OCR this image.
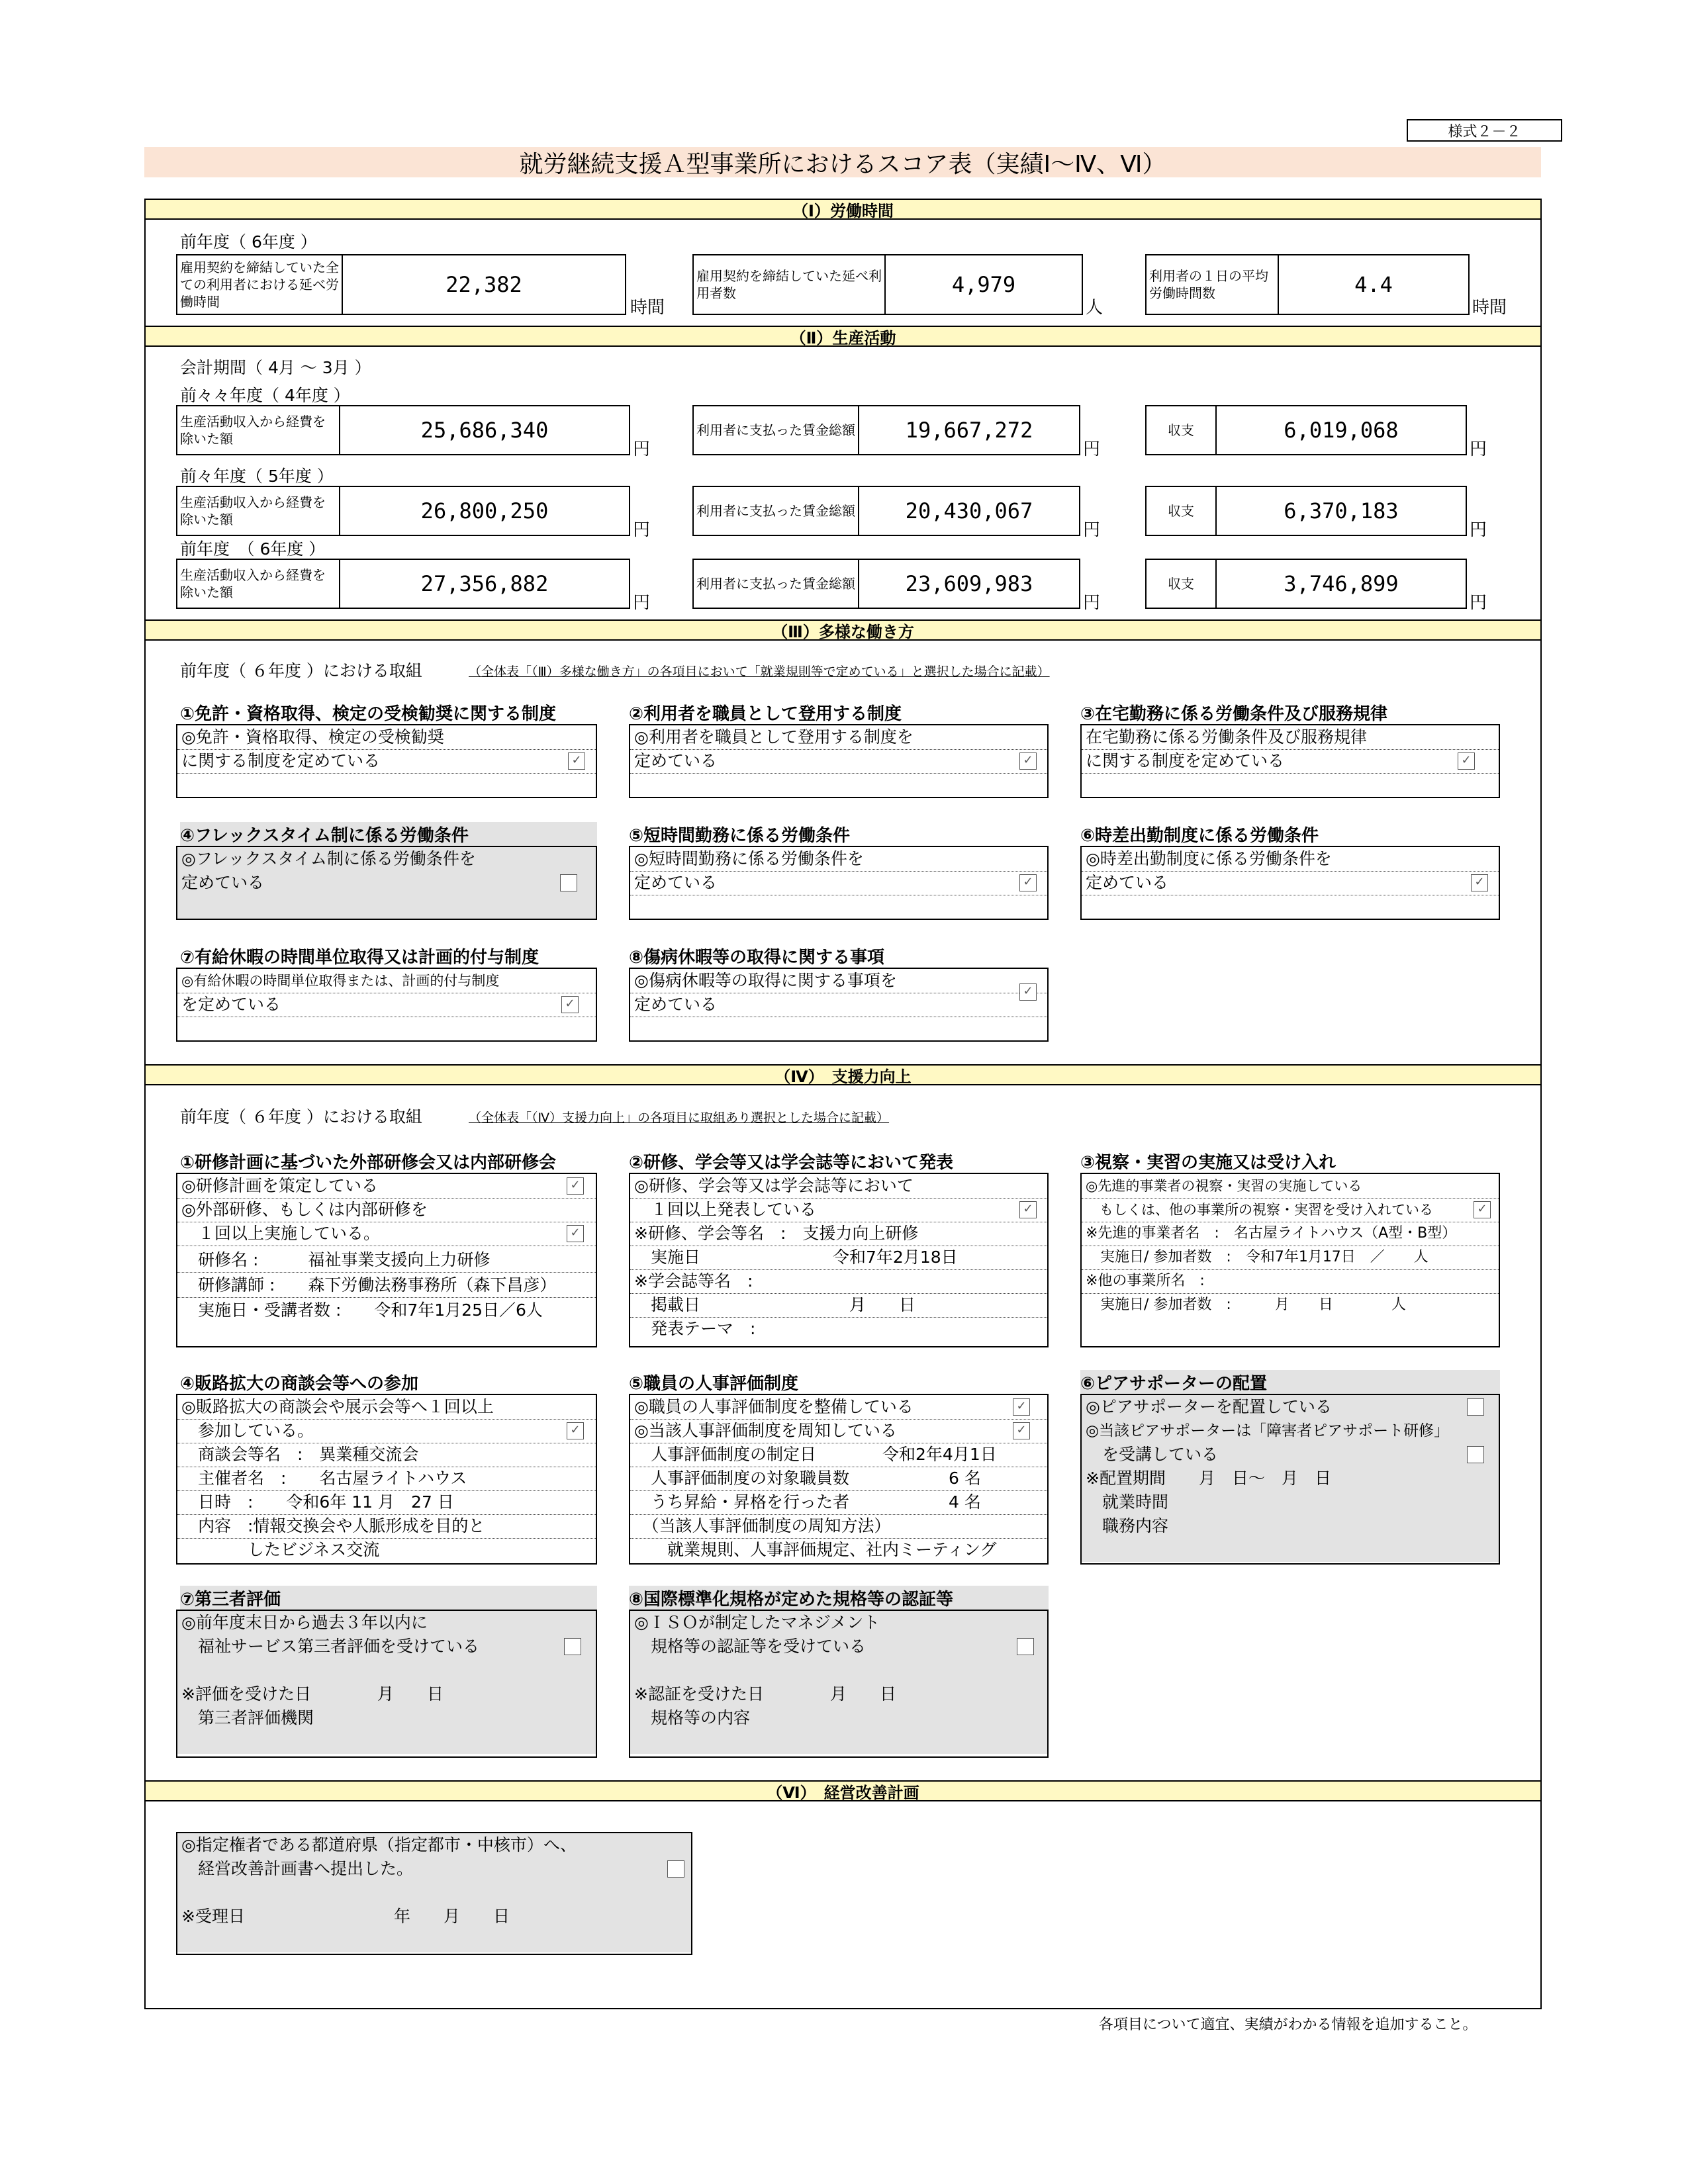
様式２－２
就労継続支援Ａ型事業所におけるスコア表（実績Ⅰ～Ⅳ、Ⅵ）
（Ⅰ）労働時間
前年度（ 6年度 ）
雇用契約を締結していた全ての利用者における延べ労働時間
22,382
時間
雇用契約を締結していた延べ利用者数	4,979
人
利用者の１日の平均労働時間数	4.4
時間
（Ⅱ）生産活動
会計期間（ 4月 ～ 3月 ）
前々々年度（ 4年度 ）
生産活動収入から経費を除いた額	25,686,340
円
利用者に支払った賃金総額	19,667,272
円
収支	6,019,068
円
前々年度（ 5年度 ）
生産活動収入から経費を除いた額	26,800,250
円
利用者に支払った賃金総額	20,430,067
円
収支	6,370,183
円
前年度　（ 6年度 ）
生産活動収入から経費を除いた額	27,356,882
円
利用者に支払った賃金総額	23,609,983
円
収支	3,746,899
円
（Ⅲ）多様な働き方
前年度（ ６年度 ）における取組	（全体表「（Ⅲ）多様な働き方」の各項目において「就業規則等で定めている」と選択した場合に記載）
①免許・資格取得、検定の受検勧奨に関する制度
◎免許・資格取得、検定の受検勧奨
に関する制度を定めている	✓
②利用者を職員として登用する制度
◎利用者を職員として登用する制度を
定めている	✓
③在宅勤務に係る労働条件及び服務規律
在宅勤務に係る労働条件及び服務規律
に関する制度を定めている	✓
④フレックスタイム制に係る労働条件
◎フレックスタイム制に係る労働条件を
定めている
⑤短時間勤務に係る労働条件
◎短時間勤務に係る労働条件を
定めている	✓
⑥時差出勤制度に係る労働条件
◎時差出勤制度に係る労働条件を
定めている	✓
⑦有給休暇の時間単位取得又は計画的付与制度
◎有給休暇の時間単位取得または、計画的付与制度
を定めている	✓
⑧傷病休暇等の取得に関する事項
◎傷病休暇等の取得に関する事項を
定めている
✓
（Ⅳ）　支援力向上
前年度（ ６年度 ）における取組	（全体表「（Ⅳ）支援力向上」の各項目に取組あり選択とした場合に記載）
①研修計画に基づいた外部研修会又は内部研修会
◎研修計画を策定している
◎外部研修、もしくは内部研修を
　１回以上実施している。
　研修名 :　　　福祉事業支援向上力研修
　研修講師 :　　森下労働法務事務所（森下昌彦）
　実施日・受講者数 :　　令和7年1月25日／6人
✓
✓
②研修、学会等又は学会誌等において発表
◎研修、学会等又は学会誌等において
　１回以上発表している
※研修、学会等名　:　支援力向上研修
　実施日　　　　　　　　令和7年2月18日
※学会誌等名　:
　掲載日　　　　　　　　　月　　日
　発表テーマ　:
✓
③視察・実習の実施又は受け入れ
◎先進的事業者の視察・実習の実施している
　もしくは、他の事業所の視察・実習を受け入れている
※先進的事業者名　:　名古屋ライトハウス（A型・B型）
　実施日/ 参加者数　:　令和7年1月17日　／　　人
※他の事業所名　:
　実施日/ 参加者数　:　　　月　　日　　　　人
✓
④販路拡大の商談会等への参加
◎販路拡大の商談会や展示会等へ１回以上
　参加している。
　商談会等名　:　異業種交流会
　主催者名　:　　名古屋ライトハウス
　日時　:　　令和6年 11 月　27 日
　内容　:情報交換会や人脈形成を目的と
　　　　したビジネス交流
✓
⑤職員の人事評価制度
◎職員の人事評価制度を整備している
◎当該人事評価制度を周知している
　人事評価制度の制定日　　　　令和2年4月1日
　人事評価制度の対象職員数　　　　　　6 名
　うち昇給・昇格を行った者　　　　　　4 名
　（当該人事評価制度の周知方法）
　　就業規則、人事評価規定、社内ミーティング
✓
✓
⑥ピアサポーターの配置
◎ピアサポーターを配置している
◎当該ピアサポーターは「障害者ピアサポート研修」
　を受講している
※配置期間　　月　日～　月　日
　就業時間
　職務内容
⑦第三者評価
◎前年度末日から過去３年以内に
　福祉サービス第三者評価を受けている
※評価を受けた日　　　　月　　日
　第三者評価機関
⑧国際標準化規格が定めた規格等の認証等
◎ＩＳＯが制定したマネジメント
　規格等の認証等を受けている
※認証を受けた日　　　　月　　日
　規格等の内容
（Ⅵ）　経営改善計画
◎指定権者である都道府県（指定都市・中核市）へ、
　経営改善計画書へ提出した。
※受理日　　　　　　　　　年　　月　　日
各項目について適宜、実績がわかる情報を追加すること。
